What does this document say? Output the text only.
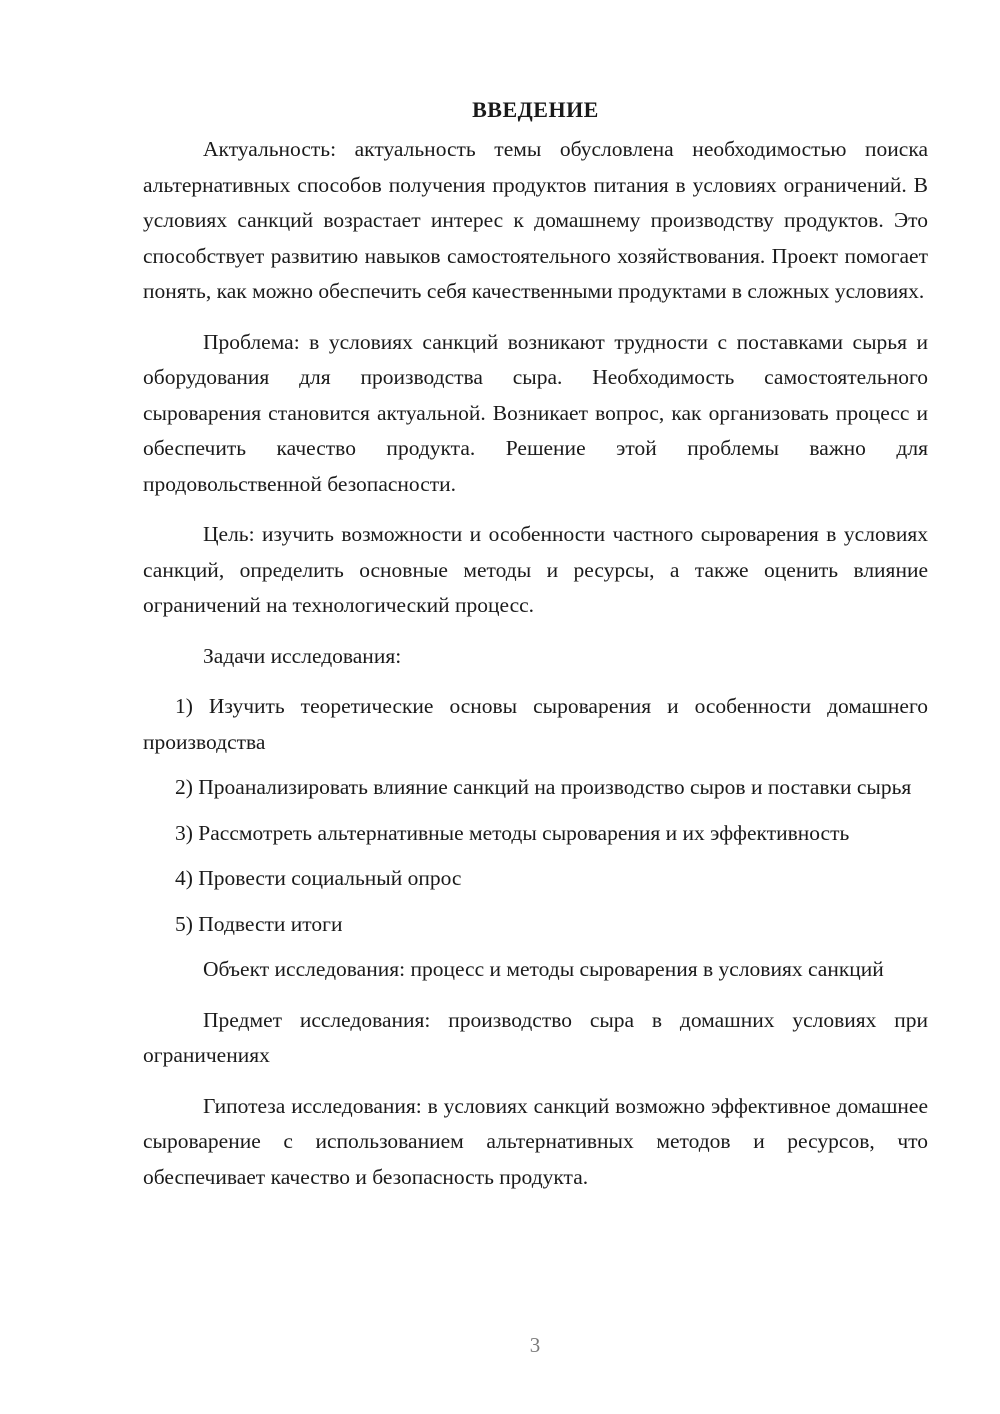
ВВЕДЕНИЕ

Актуальность: актуальность темы обусловлена необходимостью поиска альтернативных способов получения продуктов питания в условиях ограничений. В условиях санкций возрастает интерес к домашнему производству продуктов. Это способствует развитию навыков самостоятельного хозяйствования. Проект помогает понять, как можно обеспечить себя качественными продуктами в сложных условиях.

Проблема: в условиях санкций возникают трудности с поставками сырья и оборудования для производства сыра. Необходимость самостоятельного сыроварения становится актуальной. Возникает вопрос, как организовать процесс и обеспечить качество продукта. Решение этой проблемы важно для продовольственной безопасности.

Цель: изучить возможности и особенности частного сыроварения в условиях санкций, определить основные методы и ресурсы, а также оценить влияние ограничений на технологический процесс.

Задачи исследования:

1) Изучить теоретические основы сыроварения и особенности домашнего производства

2) Проанализировать влияние санкций на производство сыров и поставки сырья

3) Рассмотреть альтернативные методы сыроварения и их эффективность

4) Провести социальный опрос

5) Подвести итоги

Объект исследования: процесс и методы сыроварения в условиях санкций

Предмет исследования: производство сыра в домашних условиях при ограничениях

Гипотеза исследования: в условиях санкций возможно эффективное домашнее сыроварение с использованием альтернативных методов и ресурсов, что обеспечивает качество и безопасность продукта.

3
